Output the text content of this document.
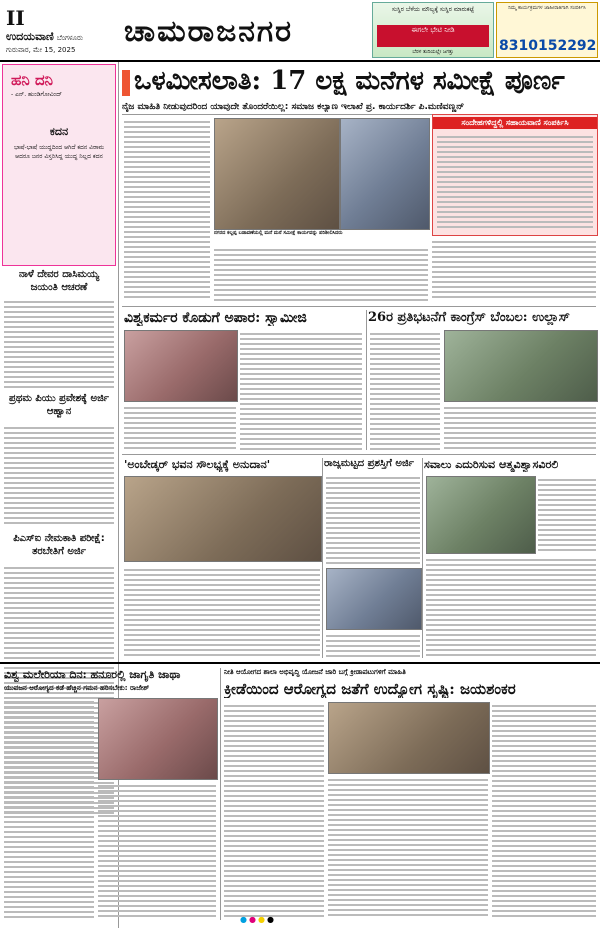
II
ಉದಯವಾಣಿ ಬೆಂಗಳೂರು
ಗುರುವಾರ, ಮೇ 15, 2025
ಚಾಮರಾಜನಗರ
ಸುಸ್ಥಿರ ಬೆಳೆಯ ಮೌಲ್ಯಕ್ಕೆ ಸುಸ್ಥಿರ ಮಾರುಕಟ್ಟೆ
ಈಗಲೇ ಭೇಟಿ ನೀಡಿ
ಬೆರಳ ತುದಿಯಲ್ಲೇ ಜಗತ್ತು
ನಿಮ್ಮ ಕಾರ್ಯಕ್ರಮಗಳ ಜಾಹೀರಾತಿಗಾಗಿ ಸಂಪರ್ಕಿಸಿ
8310152292
ಹನಿ ದನಿ
- ಎನ್. ಹುಂಡಿಗೋವಿಂದ್
ಕದನ
ಭಾಷೆ-ಭಾಷೆ ಯುದ್ಧದಿಂದ ಆಗಿದೆ ಕದನ ವಿರಾಮ ಆದರೂ ಜನರ ವಿಸ್ತರಿಸಿದ್ದ ಯುದ್ಧ ನಿಲ್ಲದ ಕದನ
ನಾಳೆ ದೇವರ ದಾಸಿಮಯ್ಯ ಜಯಂತಿ ಆಚರಣೆ
ಪ್ರಥಮ ಪಿಯು ಪ್ರವೇಶಕ್ಕೆ ಅರ್ಜಿ ಆಹ್ವಾನ
ಪಿಎಸ್‌ಐ ನೇಮಕಾತಿ ಪರೀಕ್ಷೆ: ತರಬೇತಿಗೆ ಅರ್ಜಿ
ಒಳಮೀಸಲಾತಿ: 17 ಲಕ್ಷ ಮನೆಗಳ ಸಮೀಕ್ಷೆ ಪೂರ್ಣ
ನೈಜ ಮಾಹಿತಿ ನೀಡುವುದರಿಂದ ಯಾವುದೇ ತೊಂದರೆಯಿಲ್ಲ: ಸಮಾಜ ಕಲ್ಯಾಣ ಇಲಾಖೆ ಪ್ರ. ಕಾರ್ಯದರ್ಶಿ ಪಿ.ಮಣಿವಣ್ಣನ್
ನಗರದ ಕಲ್ಲಪ್ಪ ಬಡಾವಣೆಯಲ್ಲಿ ಮನೆ ಮನೆ ಸಮೀಕ್ಷೆ ಕಾರ್ಯವನ್ನು ಪರಿಶೀಲಿಸಿದರು
ಸಂದೇಹಗಳಿದ್ದಲ್ಲಿ ಸಹಾಯವಾಣಿ ಸಂಪರ್ಕಿಸಿ
ವಿಶ್ವಕರ್ಮರ ಕೊಡುಗೆ ಅಪಾರ: ಸ್ವಾಮೀಜಿ	26ರ ಪ್ರತಿಭಟನೆಗೆ ಕಾಂಗ್ರೆಸ್ ಬೆಂಬಲ: ಉಲ್ಲಾಸ್
'ಅಂಬೇಡ್ಕರ್ ಭವನ ಸೌಲಭ್ಯಕ್ಕೆ ಅನುದಾನ'	ರಾಜ್ಯಮಟ್ಟದ ಪ್ರಶಸ್ತಿಗೆ ಅರ್ಜಿ ಸವಾಲು ಎದುರಿಸುವ ಆತ್ಮವಿಶ್ವಾಸವಿರಲಿ
ವಿಶ್ವ ಮಲೇರಿಯಾ ದಿನ: ಹನೂರಲ್ಲಿ ಜಾಗೃತಿ ಜಾಥಾ
ಯುವಜನ ಆರೋಗ್ಯದ ಕಡೆ ಹೆಚ್ಚಿನ ಗಮನ ಹರಿಸಬೇಕು: ರಾಜೇಶ್
ನೀತಿ ಆಯೋಗದ ಶಾಲಾ ಅಭಿವೃದ್ಧಿ ಯೋಜನೆ ಜಾರಿ ಬಗ್ಗೆ ಕ್ರೀಡಾಪಟುಗಳಿಗೆ ಮಾಹಿತಿ
ಕ್ರೀಡೆಯಿಂದ ಆರೋಗ್ಯದ ಜತೆಗೆ ಉದ್ಯೋಗ ಸೃಷ್ಟಿ: ಜಯಶಂಕರ
●●●●
